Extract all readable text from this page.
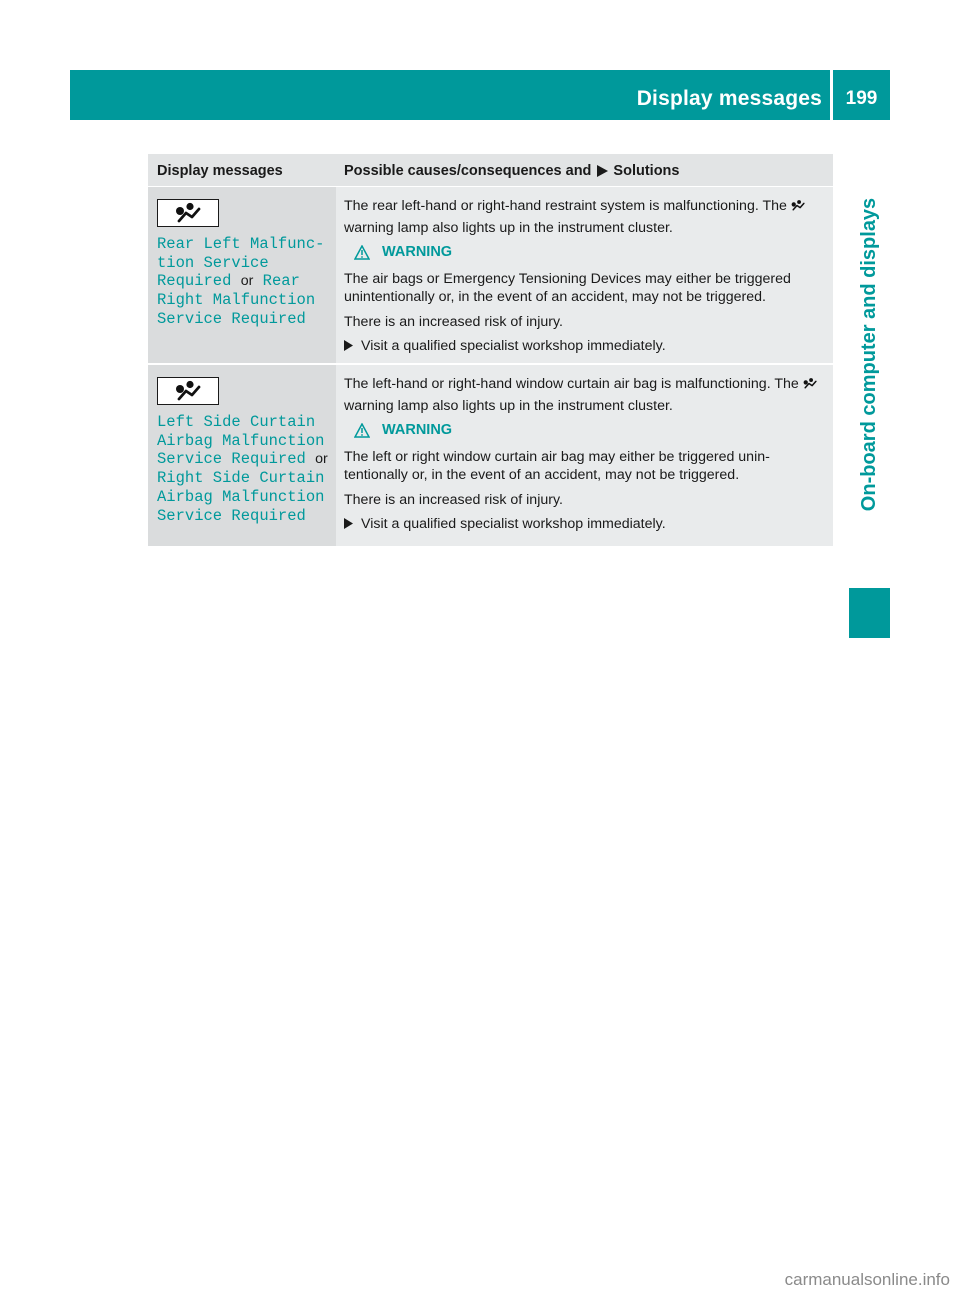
Display messages	199
On-board computer and displays
Display messages	Possible causes/consequences and Solutions
Rear Left Malfunc‐
tion Service
Required or Rear
Right Malfunction
Service Required

The rear left-hand or right-hand restraint system is malfunctioning. Thewarning lamp also lights up in the instrument cluster.

WARNING

The air bags or Emergency Tensioning Devices may either be triggered unintentionally or, in the event of an accident, may not be triggered.

There is an increased risk of injury.

Visit a qualified specialist workshop immediately.
Left Side Curtain
Airbag Malfunction
Service Required or
Right Side Curtain
Airbag Malfunction
Service Required

The left-hand or right-hand window curtain air bag is malfunctioning. Thewarning lamp also lights up in the instrument cluster.

WARNING

The left or right window curtain air bag may either be triggered unin- tentionally or, in the event of an accident, may not be triggered.

There is an increased risk of injury.

Visit a qualified specialist workshop immediately.
carmanualsonline.info
